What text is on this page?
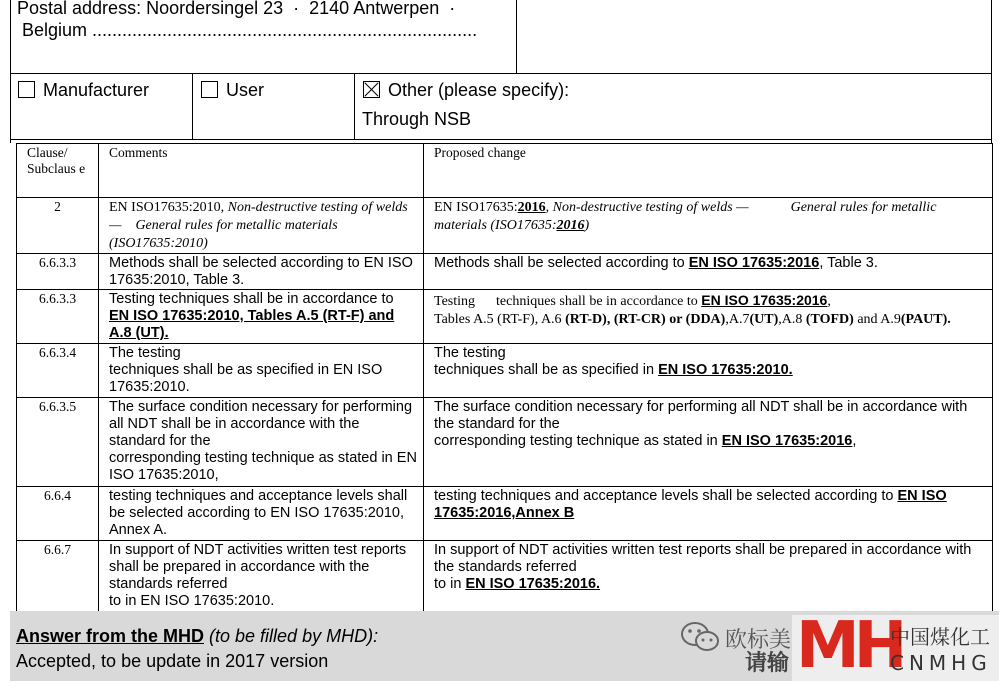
Postal address: Noordersingel 23  ·  2140 Antwerpen  ·
Belgium .............................................................................
Manufacturer	User	Other (please specify):
Through NSB
Clause/ Subclaus e	Comments	Proposed change
2	EN ISO17635:2010, Non-destructive testing of welds —    General rules for metallic materials (ISO17635:2010)	EN ISO17635:2016, Non-destructive testing of welds —            General rules for metallic materials (ISO17635:2016)
6.6.3.3	Methods shall be selected according to EN ISO 17635:2010, Table 3.	Methods shall be selected according to EN ISO 17635:2016, Table 3.
6.6.3.3	Testing techniques shall be in accordance to EN ISO 17635:2010, Tables A.5 (RT-F) and A.8 (UT).	Testing      techniques shall be in accordance to EN ISO 17635:2016,
Tables A.5 (RT-F), A.6 (RT-D), (RT-CR) or (DDA),A.7(UT),A.8 (TOFD) and A.9(PAUT).
6.6.3.4	The testing
techniques shall be as specified in EN ISO 17635:2010.	The testing
techniques shall be as specified in EN ISO 17635:2010.
6.6.3.5	The surface condition necessary for performing all NDT shall be in accordance with the standard for the
corresponding testing technique as stated in EN ISO 17635:2010,	The surface condition necessary for performing all NDT shall be in accordance with the standard for the
corresponding testing technique as stated in EN ISO 17635:2016,
6.6.4	testing techniques and acceptance levels shall be selected according to EN ISO 17635:2010, Annex A.	testing techniques and acceptance levels shall be selected according to EN ISO 17635:2016,Annex B
6.6.7	In support of NDT activities written test reports shall be prepared in accordance with the standards referred
to in EN ISO 17635:2010.	In support of NDT activities written test reports shall be prepared in accordance with the standards referred
to in EN ISO 17635:2016.
Answer from the MHD (to be filled by MHD):
Accepted, to be update in 2017 version
欧标美
请输 MH
中国煤化工
CNMHG
